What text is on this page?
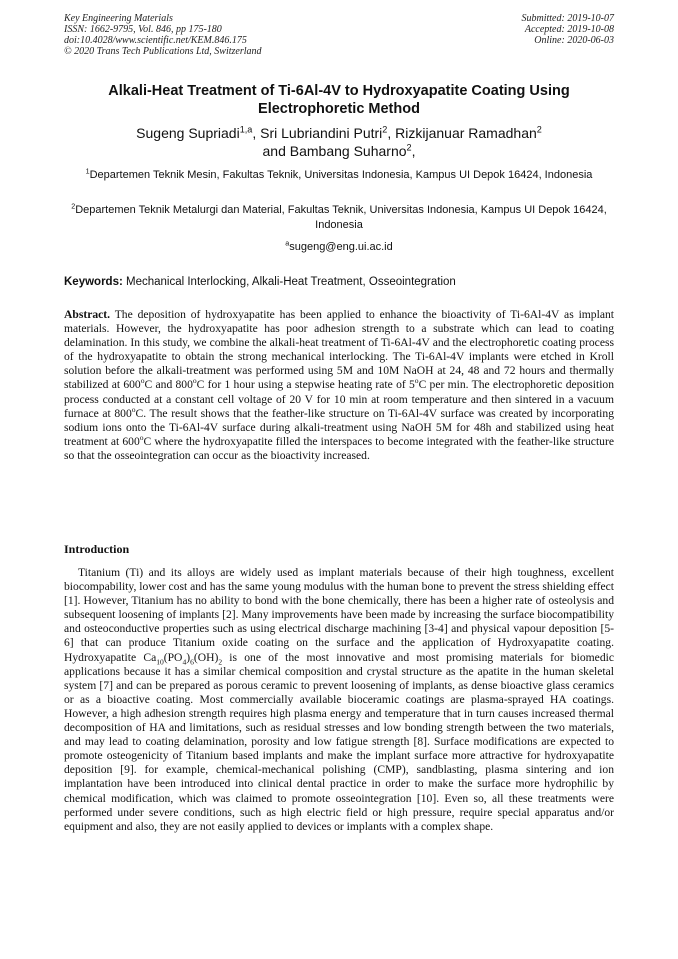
Key Engineering Materials
ISSN: 1662-9795, Vol. 846, pp 175-180
doi:10.4028/www.scientific.net/KEM.846.175
© 2020 Trans Tech Publications Ltd, Switzerland
Submitted: 2019-10-07
Accepted: 2019-10-08
Online: 2020-06-03
Alkali-Heat Treatment of Ti-6Al-4V to Hydroxyapatite Coating Using Electrophoretic Method
Sugeng Supriadi$^{1,a}$, Sri Lubriandini Putri$^2$, Rizkijanuar Ramadhan$^2$
and Bambang Suharno$^2$,
$^1$Departemen Teknik Mesin, Fakultas Teknik, Universitas Indonesia, Kampus UI Depok 16424, Indonesia
$^2$Departemen Teknik Metalurgi dan Material, Fakultas Teknik, Universitas Indonesia, Kampus UI Depok 16424, Indonesia
$^a$sugeng@eng.ui.ac.id
Keywords: Mechanical Interlocking, Alkali-Heat Treatment, Osseointegration
Abstract. The deposition of hydroxyapatite has been applied to enhance the bioactivity of Ti-6Al-4V as implant materials. However, the hydroxyapatite has poor adhesion strength to a substrate which can lead to coating delamination. In this study, we combine the alkali-heat treatment of Ti-6Al-4V and the electrophoretic coating process of the hydroxyapatite to obtain the strong mechanical interlocking. The Ti-6Al-4V implants were etched in Kroll solution before the alkali-treatment was performed using 5M and 10M NaOH at 24, 48 and 72 hours and thermally stabilized at 600$^o$C and 800$^o$C for 1 hour using a stepwise heating rate of 5$^o$C per min. The electrophoretic deposition process conducted at a constant cell voltage of 20 V for 10 min at room temperature and then sintered in a vacuum furnace at 800$^o$C. The result shows that the feather-like structure on Ti-6Al-4V surface was created by incorporating sodium ions onto the Ti-6Al-4V surface during alkali-treatment using NaOH 5M for 48h and stabilized using heat treatment at 600$^o$C where the hydroxyapatite filled the interspaces to become integrated with the feather-like structure so that the osseointegration can occur as the bioactivity increased.
Introduction
Titanium (Ti) and its alloys are widely used as implant materials because of their high toughness, excellent biocompability, lower cost and has the same young modulus with the human bone to prevent the stress shielding effect [1]. However, Titanium has no ability to bond with the bone chemically, there has been a higher rate of osteolysis and subsequent loosening of implants [2]. Many improvements have been made by increasing the surface biocompatibility and osteoconductive properties such as using electrical discharge machining [3-4] and physical vapour deposition [5-6] that can produce Titanium oxide coating on the surface and the application of Hydroxyapatite coating. Hydroxyapatite $Ca_{10}(PO_4)_6(OH)_2$ is one of the most innovative and most promising materials for biomedic applications because it has a similar chemical composition and crystal structure as the apatite in the human skeletal system [7] and can be prepared as porous ceramic to prevent loosening of implants, as dense bioactive glass ceramics or as a bioactive coating. Most commercially available bioceramic coatings are plasma-sprayed HA coatings. However, a high adhesion strength requires high plasma energy and temperature that in turn causes increased thermal decomposition of HA and limitations, such as residual stresses and low bonding strength between the two materials, and may lead to coating delamination, porosity and low fatigue strength [8]. Surface modifications are expected to promote osteogenicity of Titanium based implants and make the implant surface more attractive for hydroxyapatite deposition [9]. for example, chemical-mechanical polishing (CMP), sandblasting, plasma sintering and ion implantation have been introduced into clinical dental practice in order to make the surface more hydrophilic by chemical modification, which was claimed to promote osseointegration [10]. Even so, all these treatments were performed under severe conditions, such as high electric field or high pressure, require special apparatus and/or equipment and also, they are not easily applied to devices or implants with a complex shape.
